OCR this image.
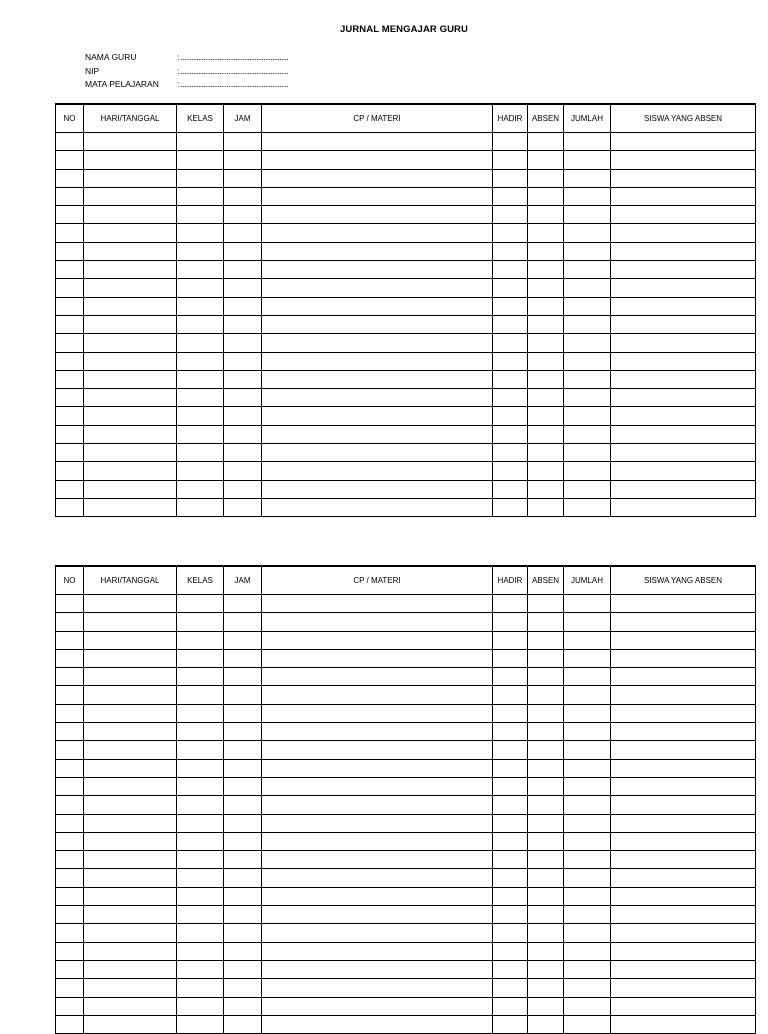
JURNAL MENGAJAR GURU
NAMA GURU	: .............................................................
NIP	: .............................................................
MATA PELAJARAN : .............................................................
NO	HARI/TANGGAL	KELAS	JAM	CP / MATERI	HADIR	ABSEN	JUMLAH	SISWA YANG ABSEN

NO	HARI/TANGGAL	KELAS	JAM	CP / MATERI	HADIR	ABSEN	JUMLAH	SISWA YANG ABSEN
